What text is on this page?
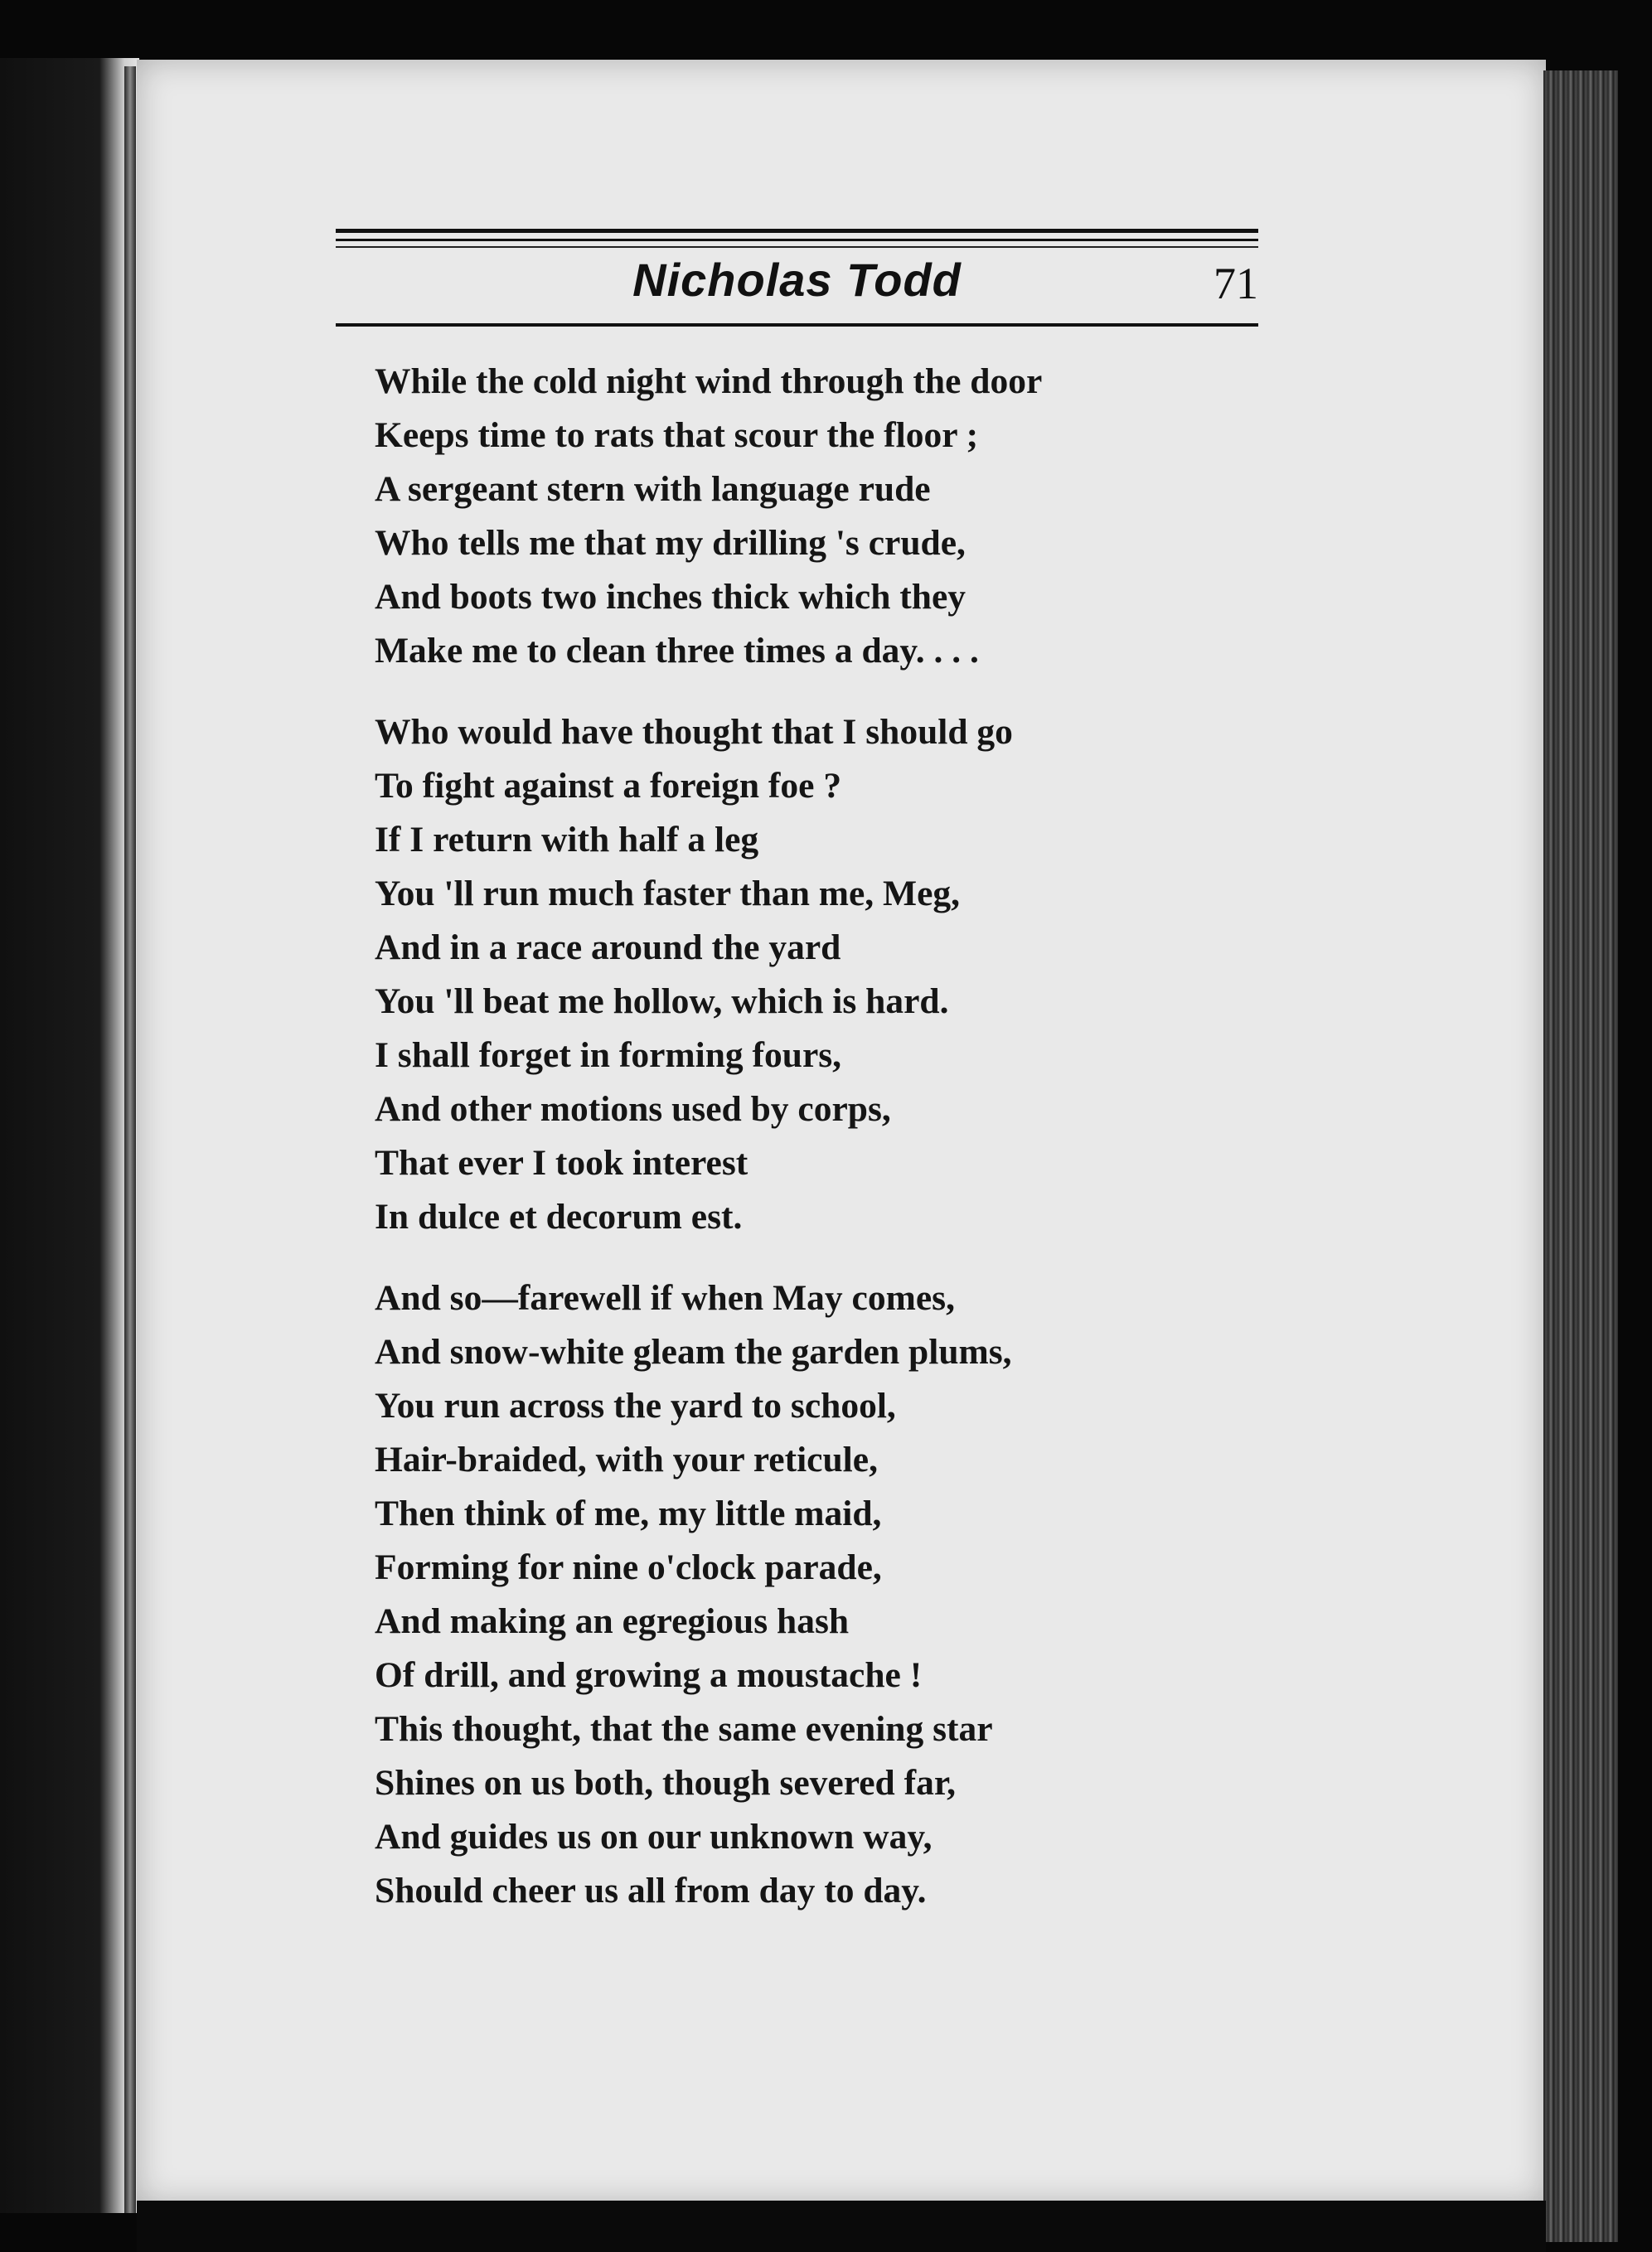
Nicholas Todd	71
While the cold night wind through the door
Keeps time to rats that scour the floor ;
A sergeant stern with language rude
Who tells me that my drilling 's crude,
And boots two inches thick which they
Make me to clean three times a day. . . .
Who would have thought that I should go
To fight against a foreign foe ?
If I return with half a leg
You 'll run much faster than me, Meg,
And in a race around the yard
You 'll beat me hollow, which is hard.
I shall forget in forming fours,
And other motions used by corps,
That ever I took interest
In dulce et decorum est.
And so—farewell if when May comes,
And snow-white gleam the garden plums,
You run across the yard to school,
Hair-braided, with your reticule,
Then think of me, my little maid,
Forming for nine o'clock parade,
And making an egregious hash
Of drill, and growing a moustache !
This thought, that the same evening star
Shines on us both, though severed far,
And guides us on our unknown way,
Should cheer us all from day to day.
